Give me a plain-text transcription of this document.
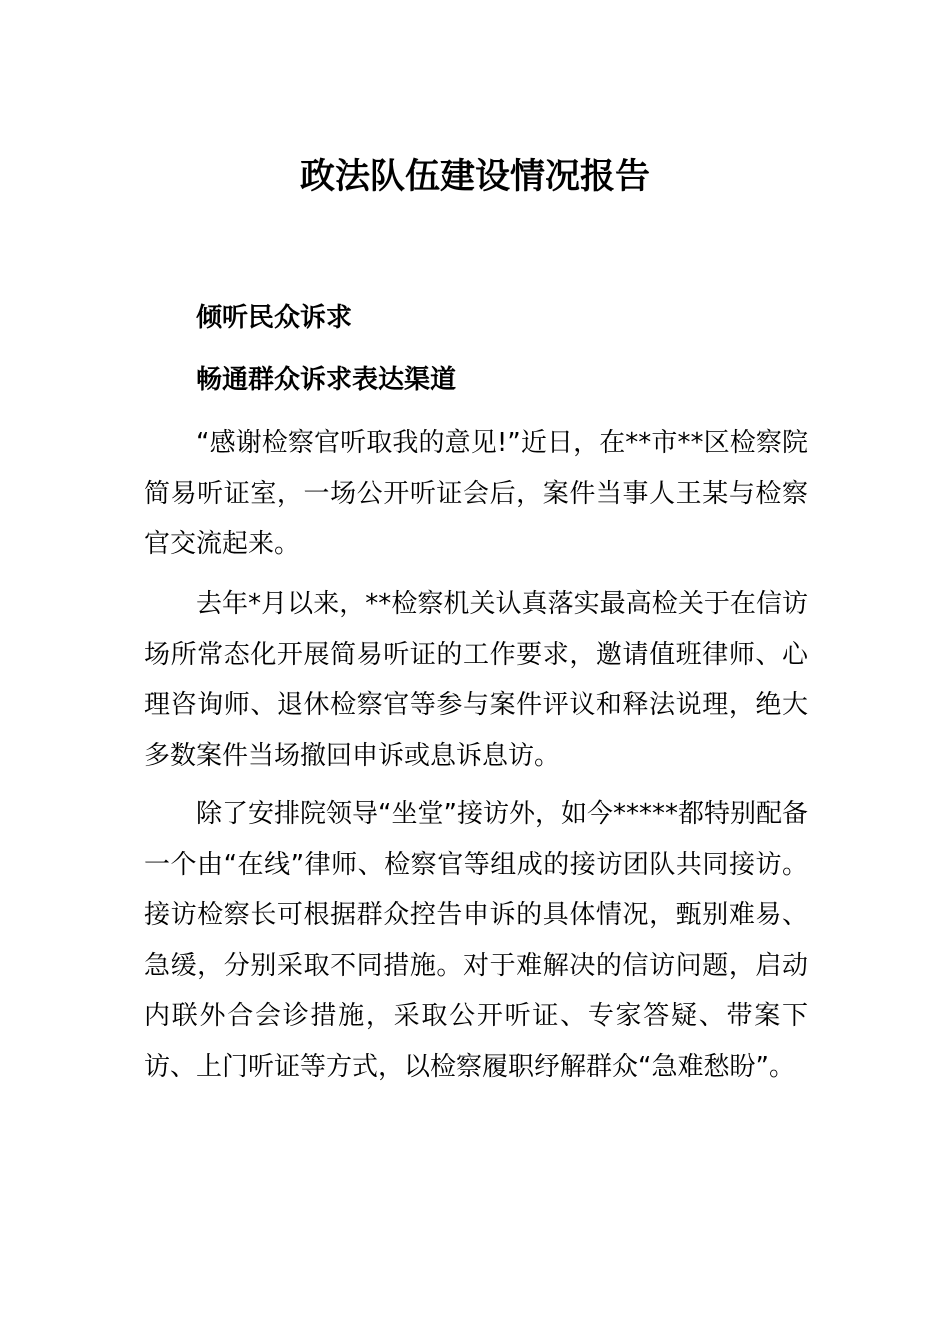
政法队伍建设情况报告

倾听民众诉求

畅通群众诉求表达渠道

“感谢检察官听取我的意见!”近日，在**市**区检察院简易听证室，一场公开听证会后，案件当事人王某与检察官交流起来。

去年*月以来，**检察机关认真落实最高检关于在信访场所常态化开展简易听证的工作要求，邀请值班律师、心理咨询师、退休检察官等参与案件评议和释法说理，绝大多数案件当场撤回申诉或息诉息访。

除了安排院领导“坐堂”接访外，如今*****都特别配备一个由“在线”律师、检察官等组成的接访团队共同接访。接访检察长可根据群众控告申诉的具体情况，甄别难易、急缓，分别采取不同措施。对于难解决的信访问题，启动内联外合会诊措施，采取公开听证、专家答疑、带案下访、上门听证等方式，以检察履职纾解群众“急难愁盼”。
